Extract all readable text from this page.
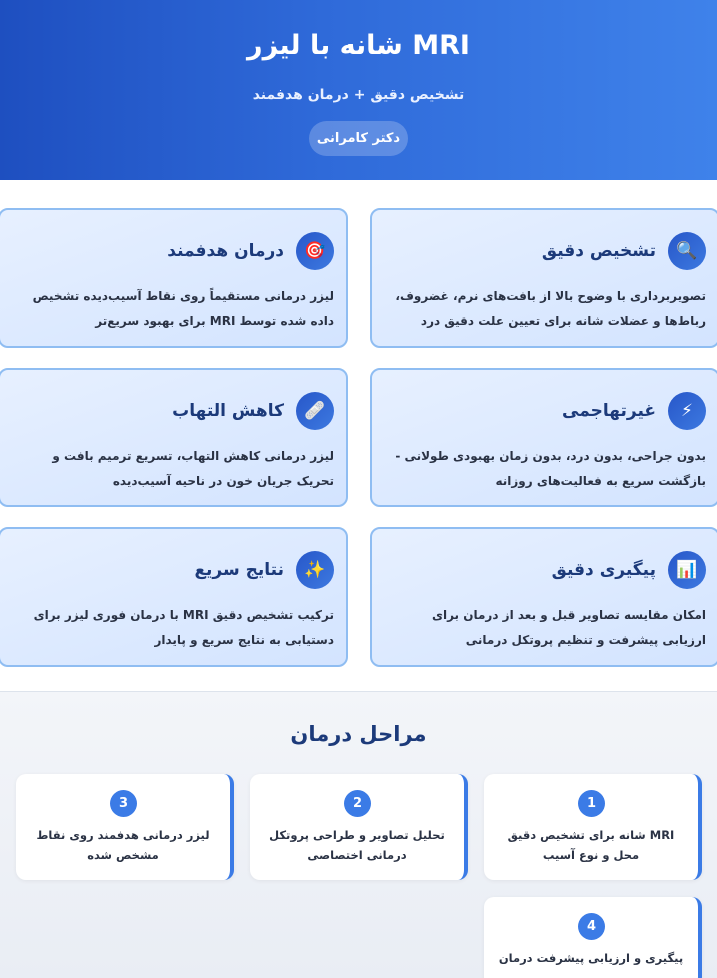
MRI شانه با لیزر
تشخیص دقیق + درمان هدفمند
دکتر کامرانی
تشخیص دقیق	🔍

تصویربرداری با وضوح بالا از بافت‌های نرم، غضروف، رباط‌ها و عضلات شانه برای تعیین علت دقیق درد

درمان هدفمند	🎯

لیزر درمانی مستقیماً روی نقاط آسیب‌دیده تشخیص داده شده توسط MRI برای بهبود سریع‌تر

غیرتهاجمی	⚡

بدون جراحی، بدون درد، بدون زمان بهبودی طولانی - بازگشت سریع به فعالیت‌های روزانه

کاهش التهاب	🩹

لیزر درمانی کاهش التهاب، تسریع ترمیم بافت و تحریک جریان خون در ناحیه آسیب‌دیده

پیگیری دقیق	📊

امکان مقایسه تصاویر قبل و بعد از درمان برای ارزیابی پیشرفت و تنظیم پروتکل درمانی

نتایج سریع	✨

ترکیب تشخیص دقیق MRI با درمان فوری لیزر برای دستیابی به نتایج سریع و پایدار

مراحل درمان
1

MRI شانه برای تشخیص دقیق محل و نوع آسیب

2

تحلیل تصاویر و طراحی پروتکل درمانی اختصاصی

3

لیزر درمانی هدفمند روی نقاط مشخص شده

4

پیگیری و ارزیابی پیشرفت درمان
